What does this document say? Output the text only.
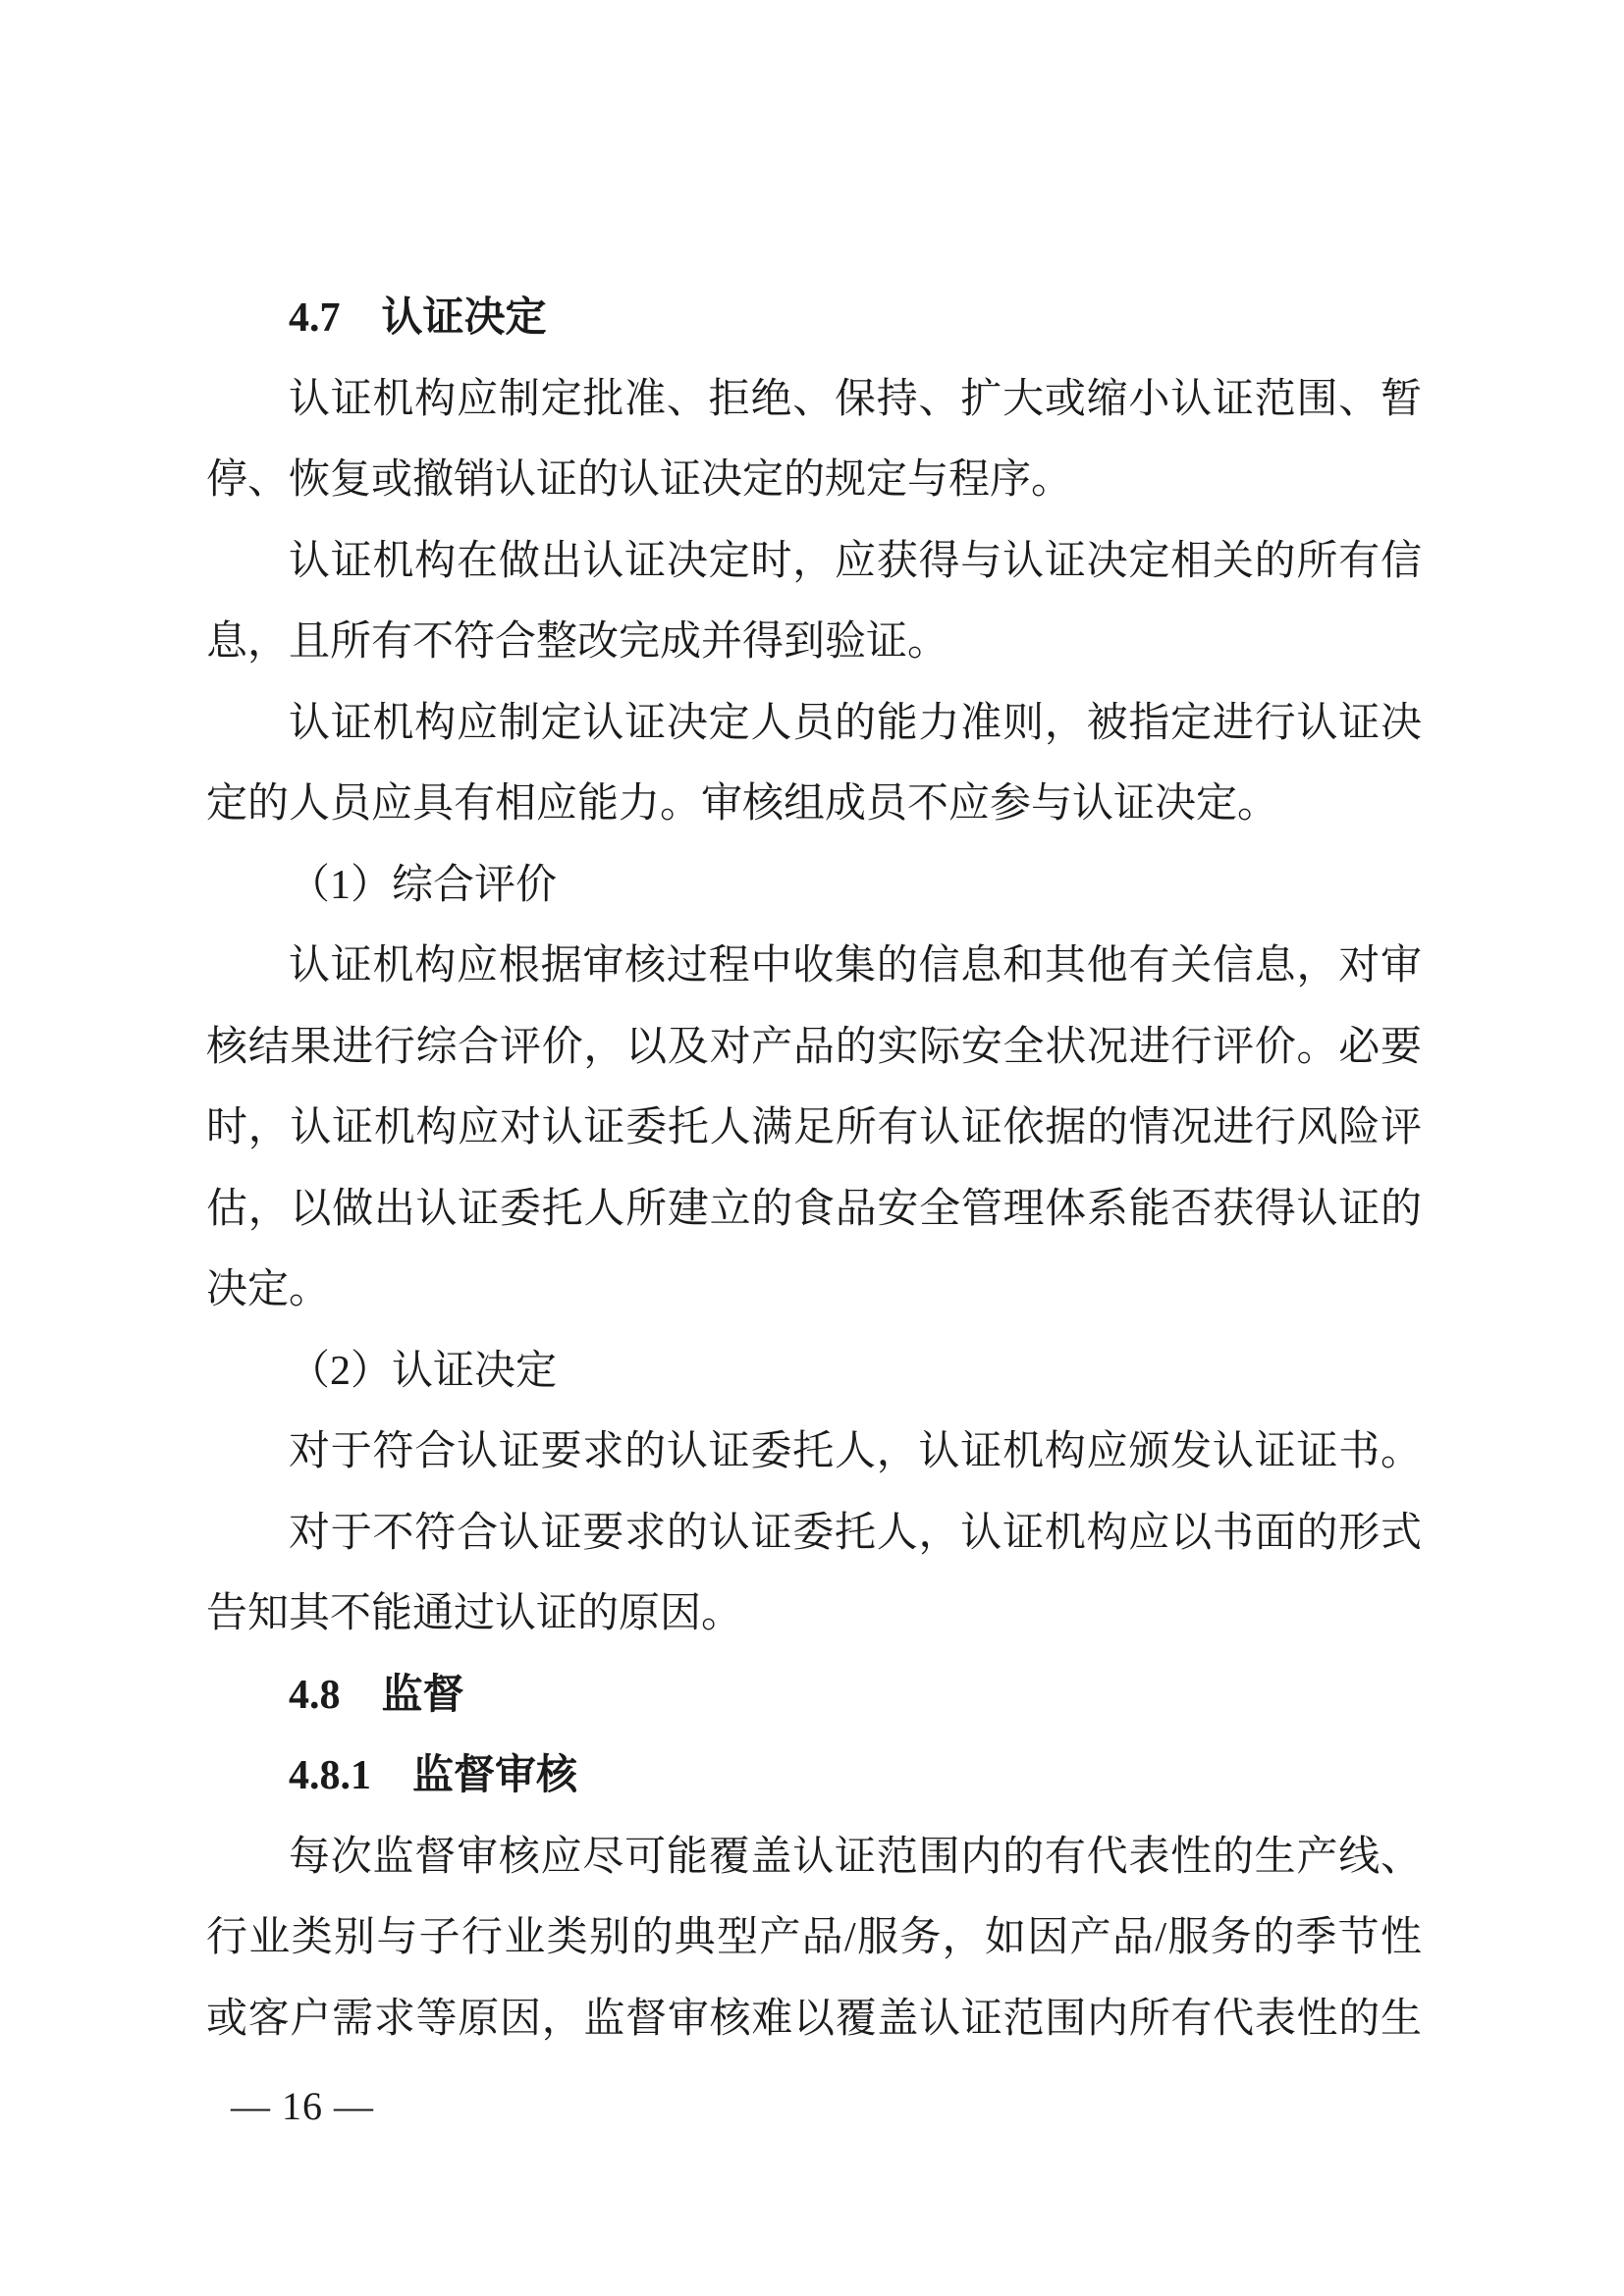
4.7　认证决定
认证机构应制定批准、拒绝、保持、扩大或缩小认证范围、暂
停、恢复或撤销认证的认证决定的规定与程序。
认证机构在做出认证决定时，应获得与认证决定相关的所有信
息，且所有不符合整改完成并得到验证。
认证机构应制定认证决定人员的能力准则，被指定进行认证决
定的人员应具有相应能力。审核组成员不应参与认证决定。
（1）综合评价
认证机构应根据审核过程中收集的信息和其他有关信息，对审
核结果进行综合评价，以及对产品的实际安全状况进行评价。必要
时，认证机构应对认证委托人满足所有认证依据的情况进行风险评
估，以做出认证委托人所建立的食品安全管理体系能否获得认证的
决定。
（2）认证决定
对于符合认证要求的认证委托人，认证机构应颁发认证证书。
对于不符合认证要求的认证委托人，认证机构应以书面的形式
告知其不能通过认证的原因。
4.8　监督
4.8.1　监督审核
每次监督审核应尽可能覆盖认证范围内的有代表性的生产线、
行业类别与子行业类别的典型产品/服务，如因产品/服务的季节性
或客户需求等原因，监督审核难以覆盖认证范围内所有代表性的生
— 16 —
